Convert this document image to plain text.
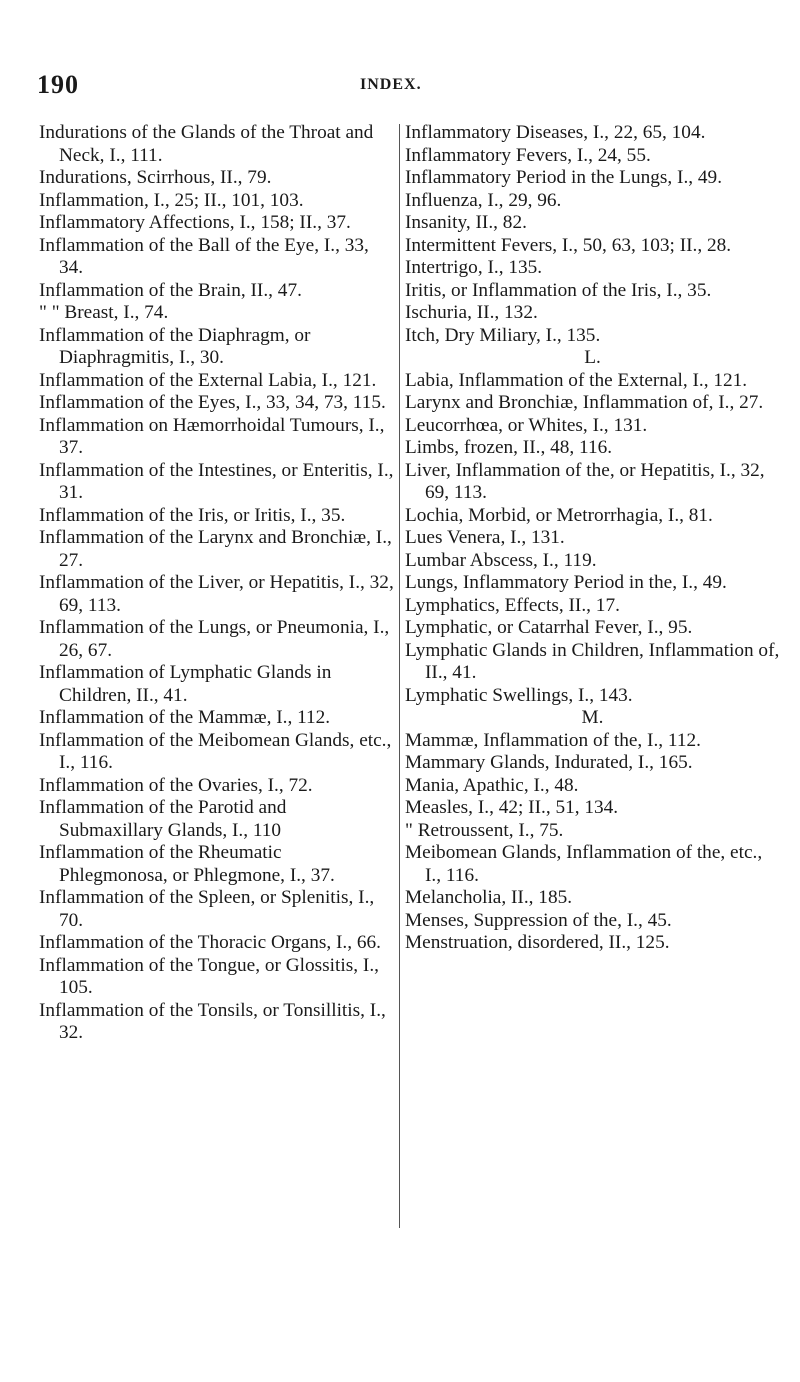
190	INDEX.

Indurations of the Glands of the Throat and Neck, I., 111.

Indurations, Scirrhous, II., 79.

Inflammation, I., 25; II., 101, 103.

Inflammatory Affections, I., 158; II., 37.

Inflammation of the Ball of the Eye, I., 33, 34.

Inflammation of the Brain, II., 47.

" " Breast, I., 74.

Inflammation of the Diaphragm, or Diaphragmitis, I., 30.

Inflammation of the External Labia, I., 121.

Inflammation of the Eyes, I., 33, 34, 73, 115.

Inflammation on Hæmorrhoidal Tumours, I., 37.

Inflammation of the Intestines, or Enteritis, I., 31.

Inflammation of the Iris, or Iritis, I., 35.

Inflammation of the Larynx and Bronchiæ, I., 27.

Inflammation of the Liver, or Hepatitis, I., 32, 69, 113.

Inflammation of the Lungs, or Pneumonia, I., 26, 67.

Inflammation of Lymphatic Glands in Children, II., 41.

Inflammation of the Mammæ, I., 112.

Inflammation of the Meibomean Glands, etc., I., 116.

Inflammation of the Ovaries, I., 72.

Inflammation of the Parotid and Submaxillary Glands, I., 110

Inflammation of the Rheumatic Phlegmonosa, or Phlegmone, I., 37.

Inflammation of the Spleen, or Splenitis, I., 70.

Inflammation of the Thoracic Organs, I., 66.

Inflammation of the Tongue, or Glossitis, I., 105.

Inflammation of the Tonsils, or Tonsillitis, I., 32.

Inflammatory Diseases, I., 22, 65, 104.

Inflammatory Fevers, I., 24, 55.

Inflammatory Period in the Lungs, I., 49.

Influenza, I., 29, 96.

Insanity, II., 82.

Intermittent Fevers, I., 50, 63, 103; II., 28.

Intertrigo, I., 135.

Iritis, or Inflammation of the Iris, I., 35.

Ischuria, II., 132.

Itch, Dry Miliary, I., 135.

L.

Labia, Inflammation of the External, I., 121.

Larynx and Bronchiæ, Inflammation of, I., 27.

Leucorrhœa, or Whites, I., 131.

Limbs, frozen, II., 48, 116.

Liver, Inflammation of the, or Hepatitis, I., 32, 69, 113.

Lochia, Morbid, or Metrorrhagia, I., 81.

Lues Venera, I., 131.

Lumbar Abscess, I., 119.

Lungs, Inflammatory Period in the, I., 49.

Lymphatics, Effects, II., 17.

Lymphatic, or Catarrhal Fever, I., 95.

Lymphatic Glands in Children, Inflammation of, II., 41.

Lymphatic Swellings, I., 143.

M.

Mammæ, Inflammation of the, I., 112.

Mammary Glands, Indurated, I., 165.

Mania, Apathic, I., 48.

Measles, I., 42; II., 51, 134.

" Retroussent, I., 75.

Meibomean Glands, Inflammation of the, etc., I., 116.

Melancholia, II., 185.

Menses, Suppression of the, I., 45.

Menstruation, disordered, II., 125.
